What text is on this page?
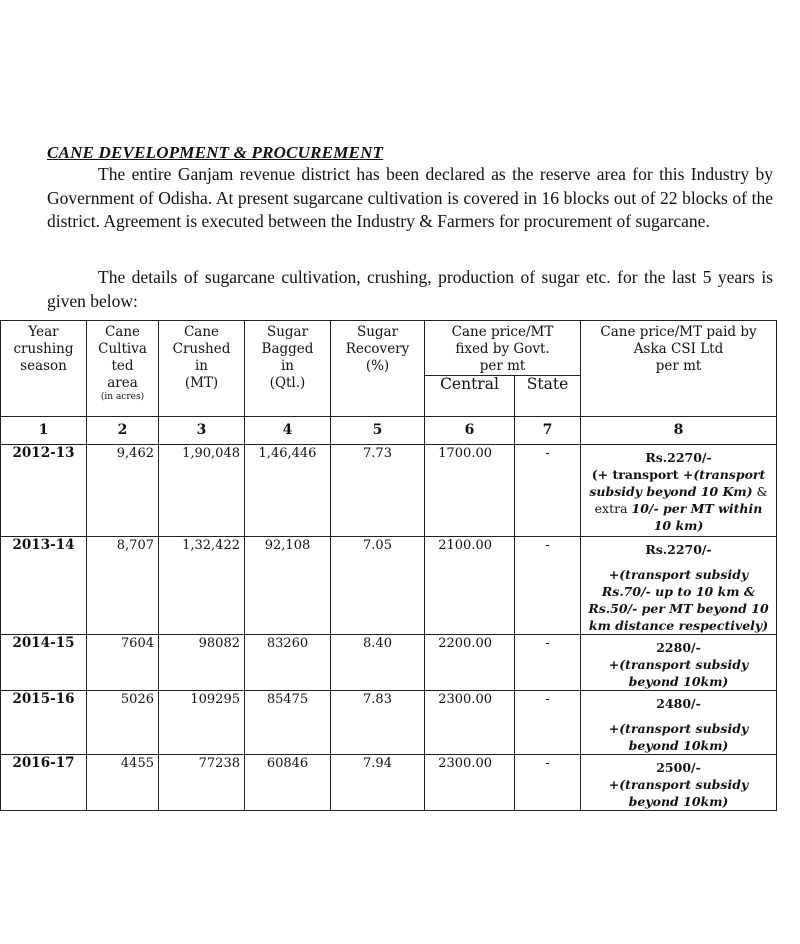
CANE DEVELOPMENT & PROCUREMENT

The entire Ganjam revenue district has been declared as the reserve area for this Industry by Government of Odisha. At present sugarcane cultivation is covered in 16 blocks out of 22 blocks of the district. Agreement is executed between the Industry & Farmers for procurement of sugarcane.

The details of sugarcane cultivation, crushing, production of sugar etc. for the last 5 years is given below:

Year
crushing
season	Cane
Cultiva
ted
area
(in acres)	Cane
Crushed
in
(MT)	Sugar
Bagged
in
(Qtl.)	Sugar
Recovery
(%)	Cane price/MT
fixed by Govt.
per mt		Cane price/MT paid by
Aska CSI Ltd
per mt
					Central	State	
1	2	3	4	5	6	7	8
2012-13	9,462	1,90,048	1,46,446	7.73	1700.00	-	Rs.2270/-
(+ transport +(transport
subsidy beyond 10 Km) &
extra 10/- per MT within
10 km)
2013-14	8,707	1,32,422	92,108	7.05	2100.00	-	Rs.2270/-
+(transport subsidy
Rs.70/- up to 10 km &
Rs.50/- per MT beyond 10
km distance respectively)
2014-15	7604	98082	83260	8.40	2200.00	-	2280/-
+(transport subsidy
beyond 10km)
2015-16	5026	109295	85475	7.83	2300.00	-	2480/-
+(transport subsidy
beyond 10km)
2016-17	4455	77238	60846	7.94	2300.00	-	2500/-
+(transport subsidy
beyond 10km)
